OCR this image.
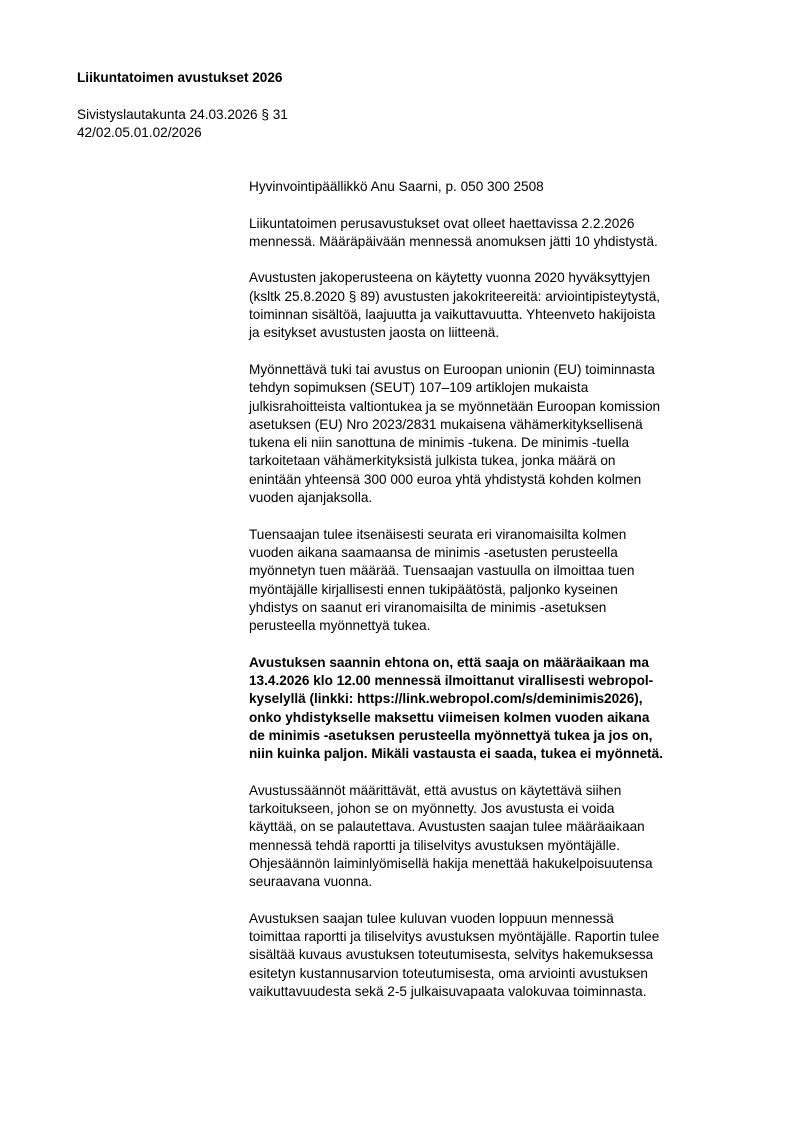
Liikuntatoimen avustukset 2026
Sivistyslautakunta 24.03.2026 § 31
42/02.05.01.02/2026

Hyvinvointipäällikkö Anu Saarni, p. 050 300 2508

Liikuntatoimen perusavustukset ovat olleet haettavissa 2.2.2026
mennessä. Määräpäivään mennessä anomuksen jätti 10 yhdistystä.

Avustusten jakoperusteena on käytetty vuonna 2020 hyväksyttyjen
(ksltk 25.8.2020 § 89) avustusten jakokriteereitä: arviointipisteytystä,
toiminnan sisältöä, laajuutta ja vaikuttavuutta. Yhteenveto hakijoista
ja esitykset avustusten jaosta on liitteenä.

Myönnettävä tuki tai avustus on Euroopan unionin (EU) toiminnasta
tehdyn sopimuksen (SEUT) 107–109 artiklojen mukaista
julkisrahoitteista valtiontukea ja se myönnetään Euroopan komission
asetuksen (EU) Nro 2023/2831 mukaisena vähämerkityksellisenä
tukena eli niin sanottuna de minimis -tukena. De minimis -tuella
tarkoitetaan vähämerkityksistä julkista tukea, jonka määrä on
enintään yhteensä 300 000 euroa yhtä yhdistystä kohden kolmen
vuoden ajanjaksolla.

Tuensaajan tulee itsenäisesti seurata eri viranomaisilta kolmen
vuoden aikana saamaansa de minimis -asetusten perusteella
myönnetyn tuen määrää. Tuensaajan vastuulla on ilmoittaa tuen
myöntäjälle kirjallisesti ennen tukipäätöstä, paljonko kyseinen
yhdistys on saanut eri viranomaisilta de minimis -asetuksen
perusteella myönnettyä tukea.

Avustuksen saannin ehtona on, että saaja on määräaikaan ma
13.4.2026 klo 12.00 mennessä ilmoittanut virallisesti webropol-
kyselyllä (linkki: https://link.webropol.com/s/deminimis2026),
onko yhdistykselle maksettu viimeisen kolmen vuoden aikana
de minimis -asetuksen perusteella myönnettyä tukea ja jos on,
niin kuinka paljon. Mikäli vastausta ei saada, tukea ei myönnetä.

Avustussäännöt määrittävät, että avustus on käytettävä siihen
tarkoitukseen, johon se on myönnetty. Jos avustusta ei voida
käyttää, on se palautettava. Avustusten saajan tulee määräaikaan
mennessä tehdä raportti ja tiliselvitys avustuksen myöntäjälle.
Ohjesäännön laiminlyömisellä hakija menettää hakukelpoisuutensa
seuraavana vuonna.

Avustuksen saajan tulee kuluvan vuoden loppuun mennessä
toimittaa raportti ja tiliselvitys avustuksen myöntäjälle. Raportin tulee
sisältää kuvaus avustuksen toteutumisesta, selvitys hakemuksessa
esitetyn kustannusarvion toteutumisesta, oma arviointi avustuksen
vaikuttavuudesta sekä 2-5 julkaisuvapaata valokuvaa toiminnasta.
